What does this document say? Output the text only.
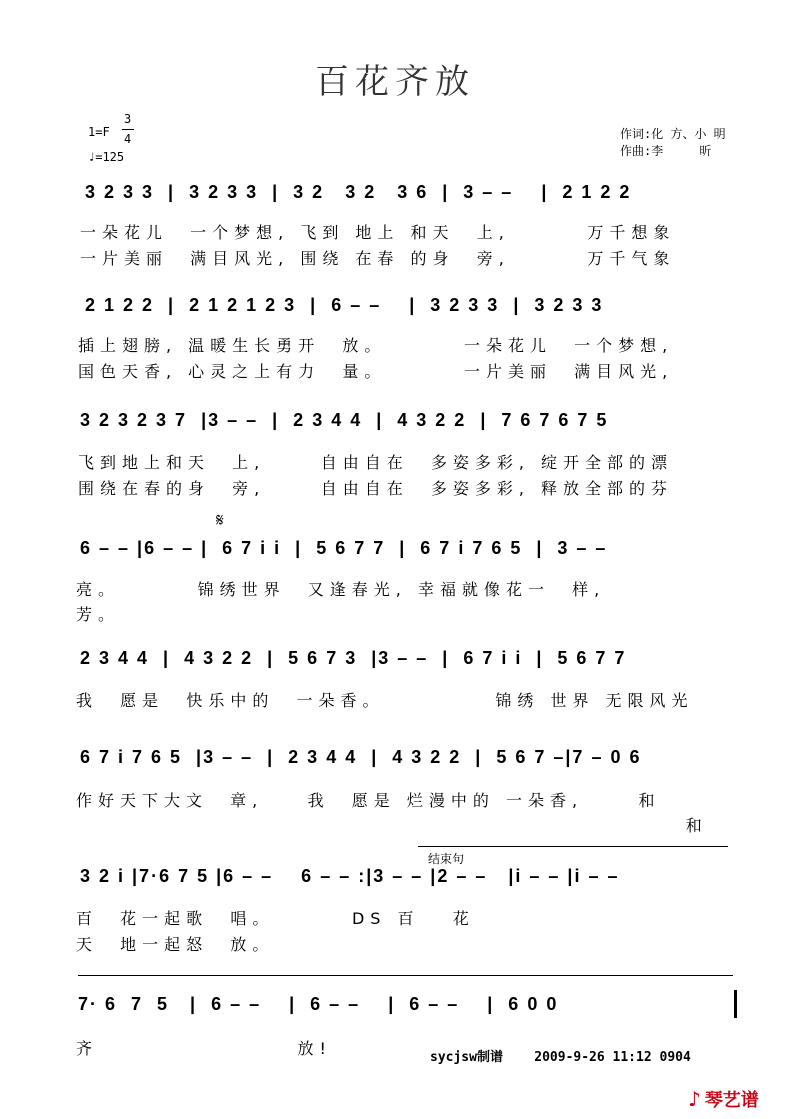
百花齐放
1=F
3
4
♩=125
作词:化 方、小 明
作曲:李     昕
3 2 3 3  |  3 2 3 3  |  3 2   3 2   3 6  |  3 – –    |  2 1 2 2
一朵花儿  一个梦想, 飞到 地上 和天  上,       万千想象
一片美丽  满目风光, 围绕 在春 的身  旁,       万千气象
2 1 2 2  |  2 1 2 1 2 3  |  6 – –    |  3 2 3 3  |  3 2 3 3
插上翅膀, 温暖生长勇开  放。       一朵花儿  一个梦想,
国色天香, 心灵之上有力  量。       一片美丽  满目风光,
3 2 3 2 3 7  |3 – –  |  2 3 4 4  |  4 3 2 2  |  7 6 7 6 7 5
飞到地上和天  上,     自由自在  多姿多彩, 绽开全部的漂
围绕在春的身  旁,     自由自在  多姿多彩, 释放全部的芬
𝄋
6 – – |6 – – |  6 7 i i  |  5 6 7 7  |  6 7 i 7 6 5  |  3 – –
亮。       锦绣世界  又逢春光, 幸福就像花一  样,
芳。
2 3 4 4  |  4 3 2 2  |  5 6 7 3  |3 – –  |  6 7 i i  |  5 6 7 7
我  愿是  快乐中的  一朵香。          锦绣 世界 无限风光
6 7 i 7 6 5  |3 – –  |  2 3 4 4  |  4 3 2 2  |  5 6 7 –|7 – 0 6
作好天下大文  章,    我  愿是 烂漫中的 一朵香,     和
和
结束句
3 2 i |7·6 7 5 |6 – –    6 – – :|3 – – |2 – –   |i – – |i – –
百  花一起歌  唱。       DS 百   花
天  地一起怒  放。
7· 6  7  5   |  6 – –    |  6 – –    |  6 – –    |  6 0 0
齐                  放!	sycjsw制谱    2009-9-26 11:12 0904
♪ 琴艺谱
